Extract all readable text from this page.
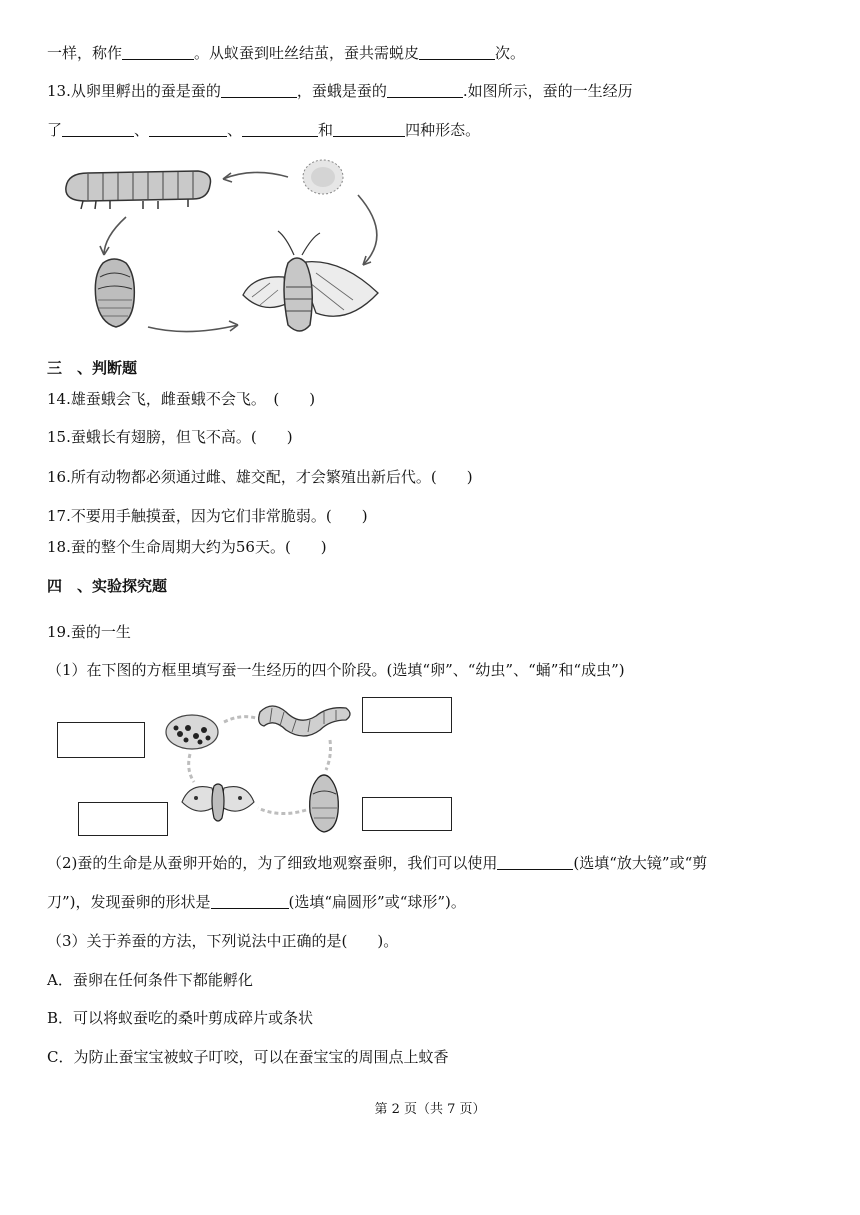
一样，称作	。从蚁蚕到吐丝结茧，蚕共需蜕皮	次。
13.从卵里孵出的蚕是蚕的	，蚕蛾是蚕的	.如图所示，蚕的一生经历
了	、	、	和	四种形态。
三　、判断题
14.雄蚕蛾会飞，雌蚕蛾不会飞。　(　　)
15.蚕蛾长有翅膀，但飞不高。(　　)
16.所有动物都必须通过雌、雄交配，才会繁殖出新后代。(　　)
17.不要用手触摸蚕，因为它们非常脆弱。(　　)
18.蚕的整个生命周期大约为56天。(　　)
四　、实验探究题
19.蚕的一生
（1）在下图的方框里填写蚕一生经历的四个阶段。(选填“卵”、“幼虫”、“蛹”和“成虫”)
（2)蚕的生命是从蚕卵开始的，为了细致地观察蚕卵，我们可以使用	(选填“放大镜”或“剪
刀”)，发现蚕卵的形状是	(选填“扁圆形”或“球形”)。
（3）关于养蚕的方法，下列说法中正确的是(　　)。
A．蚕卵在任何条件下都能孵化
B．可以将蚁蚕吃的桑叶剪成碎片或条状
C．为防止蚕宝宝被蚊子叮咬，可以在蚕宝宝的周围点上蚊香
第 2 页（共 7 页）
